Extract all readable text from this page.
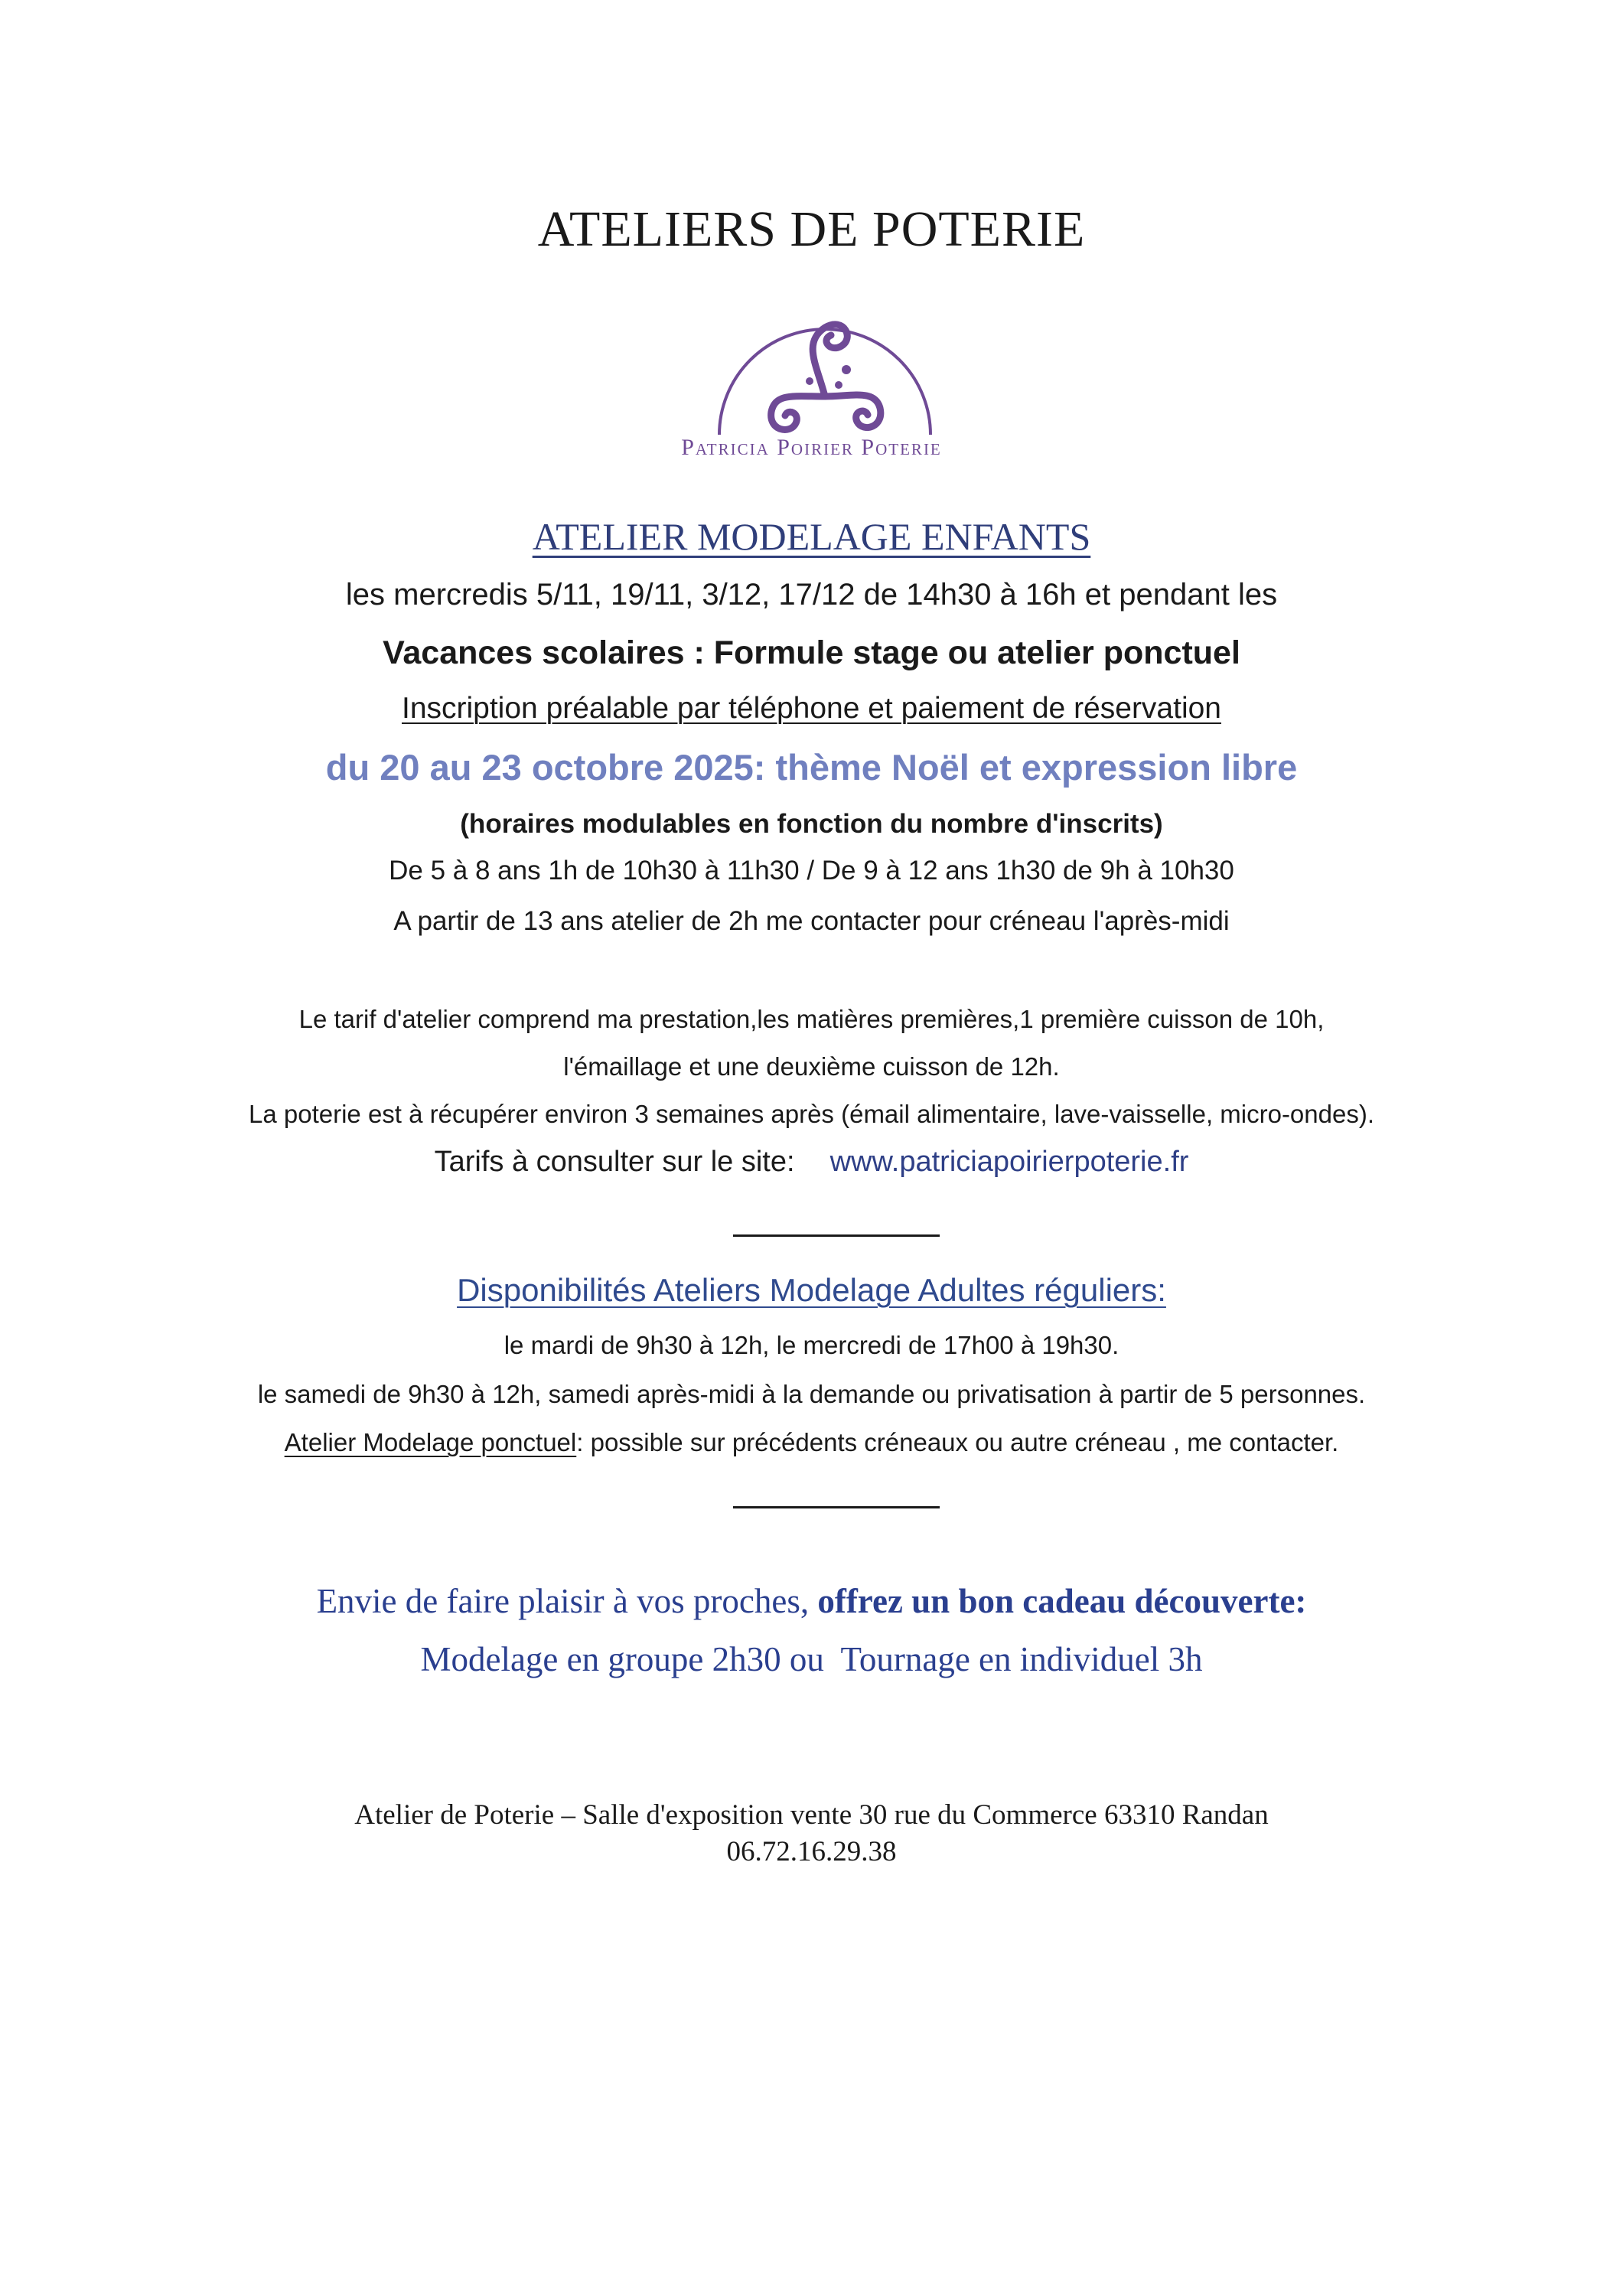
ATELIERS DE POTERIE
Patricia Poirier Poterie
ATELIER MODELAGE ENFANTS
les mercredis 5/11, 19/11, 3/12, 17/12 de 14h30 à 16h et pendant les
Vacances scolaires : Formule stage ou atelier ponctuel
Inscription préalable par téléphone et paiement de réservation
du 20 au 23 octobre 2025: thème Noël et expression libre
(horaires modulables en fonction du nombre d'inscrits)
De 5 à 8 ans 1h de 10h30 à 11h30 / De 9 à 12 ans 1h30 de 9h à 10h30
A partir de 13 ans atelier de 2h me contacter pour créneau l'après-midi
Le tarif d'atelier comprend ma prestation,les matières premières,1 première cuisson de 10h,
l'émaillage et une deuxième cuisson de 12h.
La poterie est à récupérer environ 3 semaines après (émail alimentaire, lave-vaisselle, micro-ondes).
Tarifs à consulter sur le site: www.patriciapoirierpoterie.fr
Disponibilités Ateliers Modelage Adultes réguliers:
le mardi de 9h30 à 12h, le mercredi de 17h00 à 19h30.
le samedi de 9h30 à 12h, samedi après-midi à la demande ou privatisation à partir de 5 personnes.
Atelier Modelage ponctuel: possible sur précédents créneaux ou autre créneau , me contacter.
Envie de faire plaisir à vos proches, offrez un bon cadeau découverte:
Modelage en groupe 2h30 ou  Tournage en individuel 3h
Atelier de Poterie – Salle d'exposition vente 30 rue du Commerce 63310 Randan
06.72.16.29.38
